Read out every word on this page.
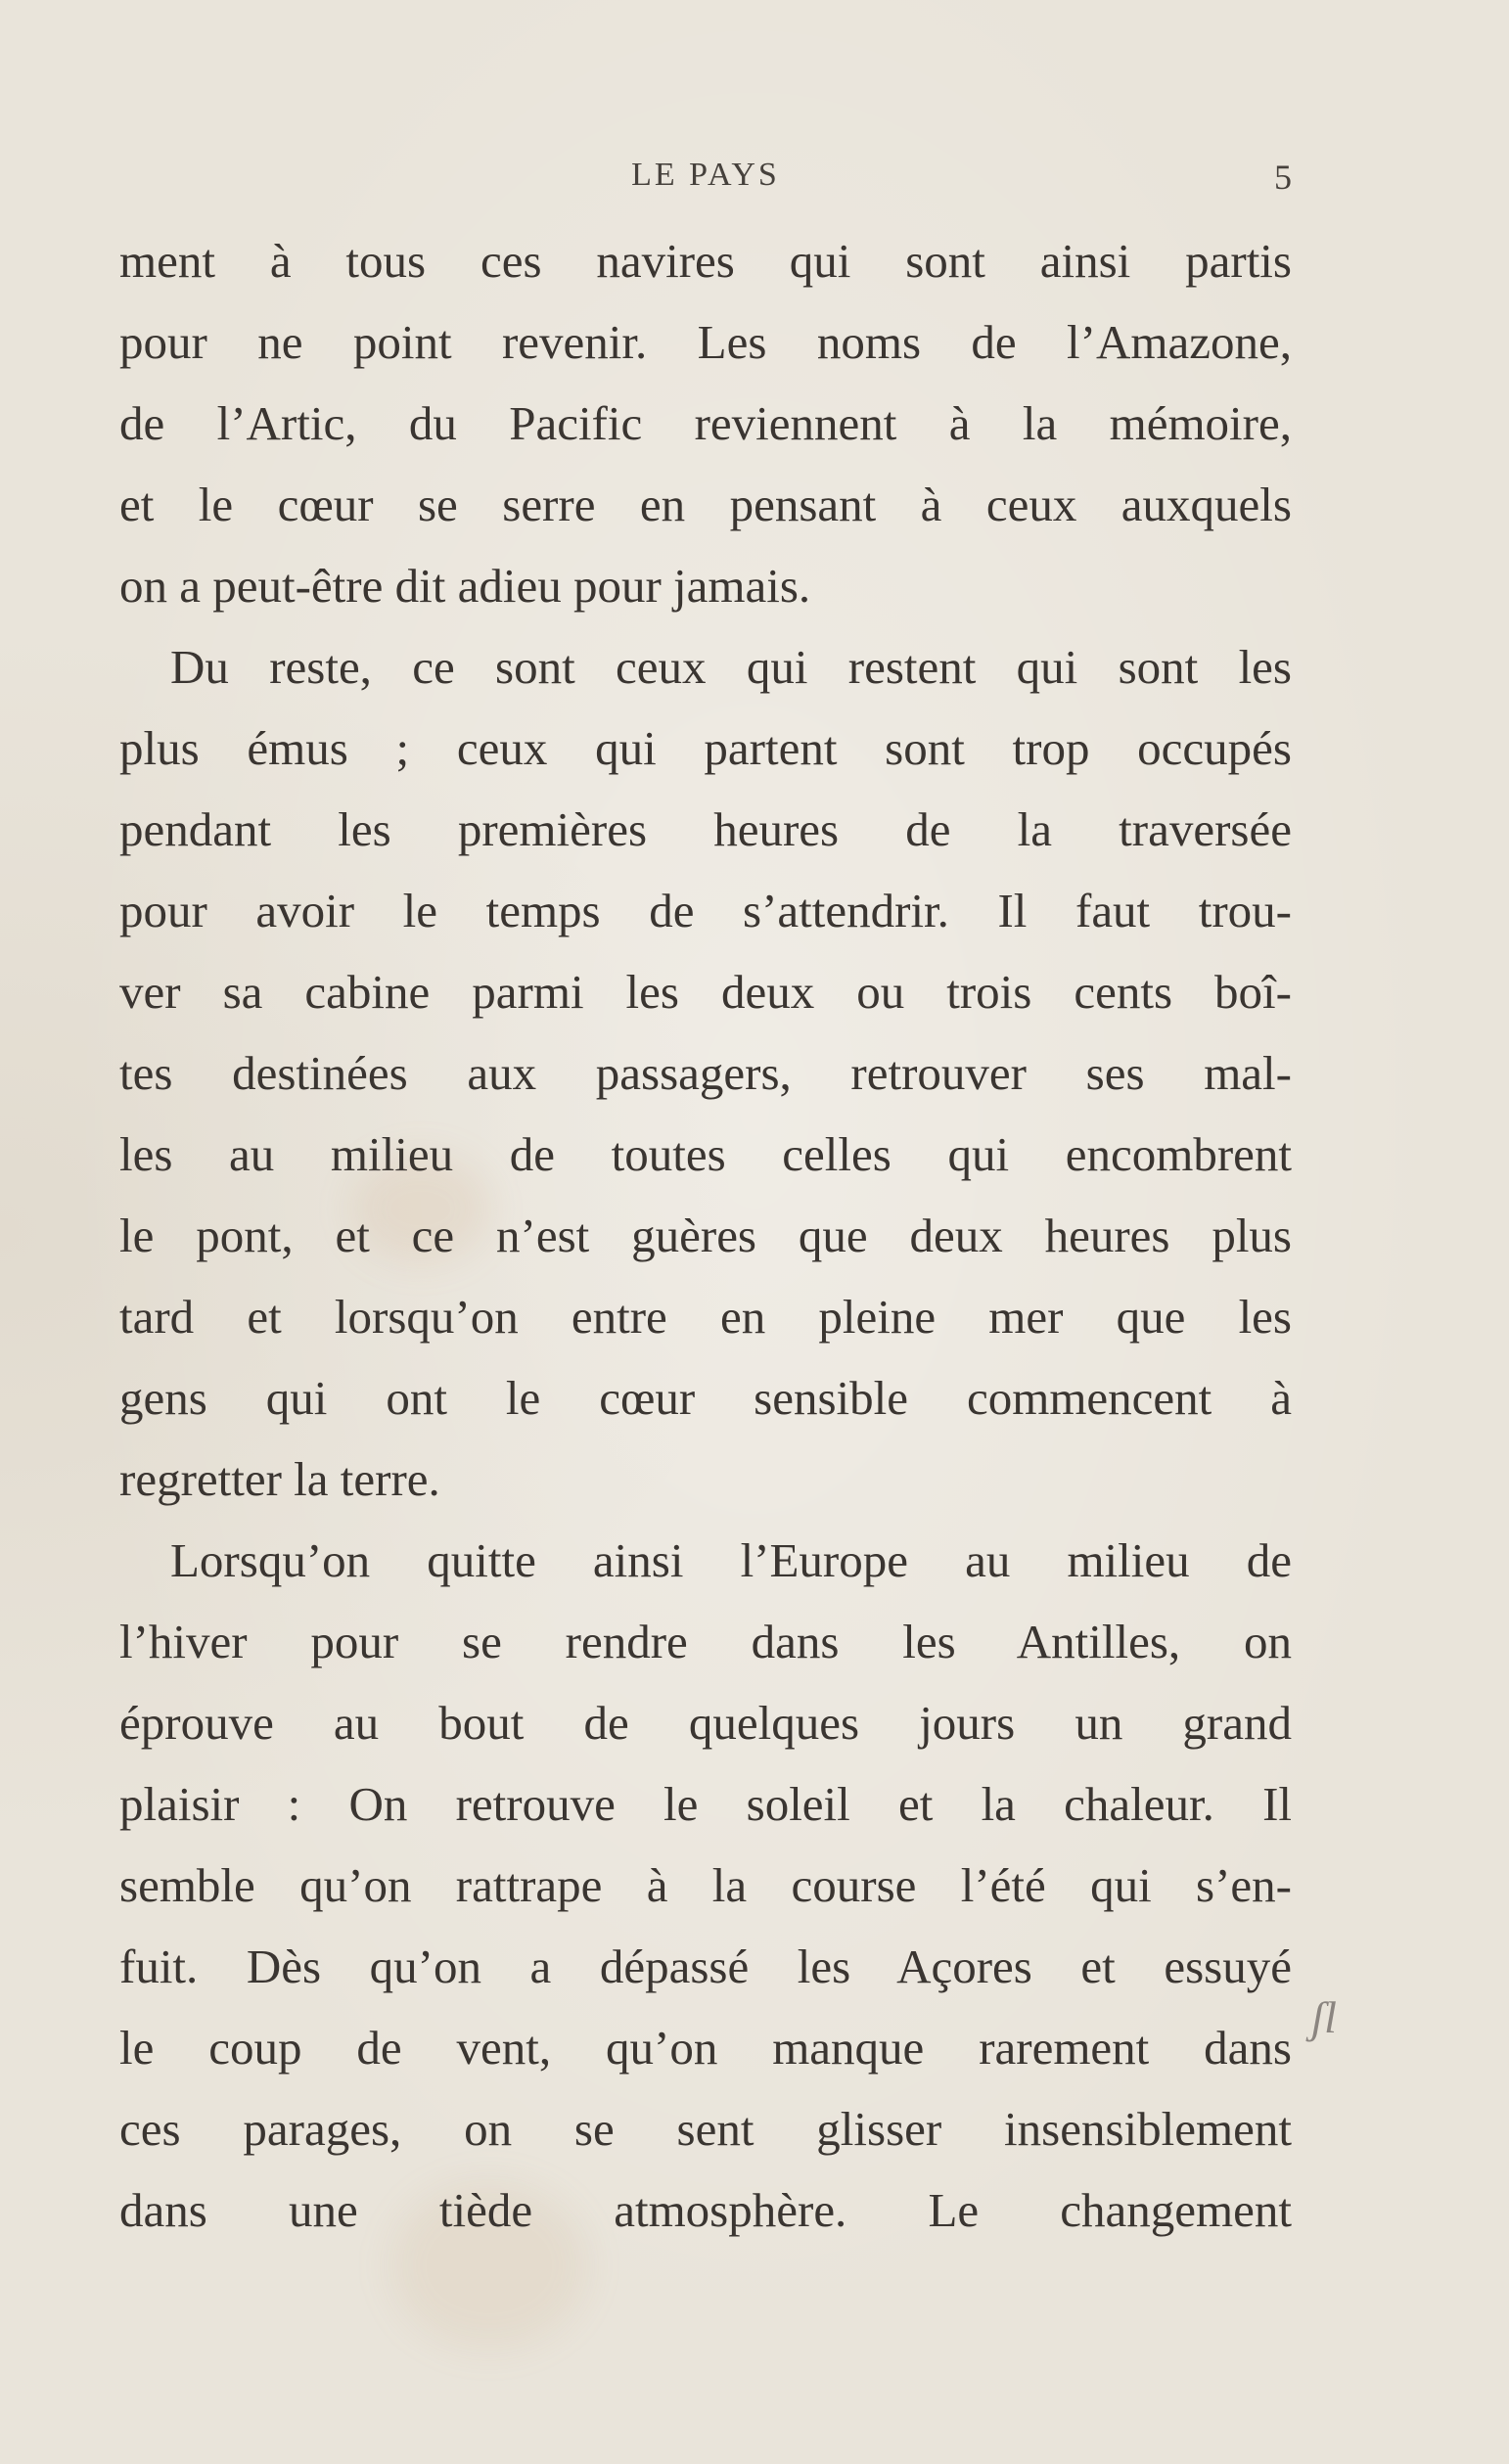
LE PAYS	5
ment à tous ces navires qui sont ainsi partis
pour ne point revenir. Les noms de l’Amazone,
de l’Artic, du Pacific reviennent à la mémoire,
et le cœur se serre en pensant à ceux auxquels
on a peut-être dit adieu pour jamais.
Du reste, ce sont ceux qui restent qui sont les
plus émus ; ceux qui partent sont trop occupés
pendant les premières heures de la traversée
pour avoir le temps de s’attendrir. Il faut trou-
ver sa cabine parmi les deux ou trois cents boî-
tes destinées aux passagers, retrouver ses mal-
les au milieu de toutes celles qui encombrent
le pont, et ce n’est guères que deux heures plus
tard et lorsqu’on entre en pleine mer que les
gens qui ont le cœur sensible commencent à
regretter la terre.
Lorsqu’on quitte ainsi l’Europe au milieu de
l’hiver pour se rendre dans les Antilles, on
éprouve au bout de quelques jours un grand
plaisir : On retrouve le soleil et la chaleur. Il
semble qu’on rattrape à la course l’été qui s’en-
fuit. Dès qu’on a dépassé les Açores et essuyé
le coup de vent, qu’on manque rarement dans
ces parages, on se sent glisser insensiblement
dans une tiède atmosphère. Le changement
ʃl
